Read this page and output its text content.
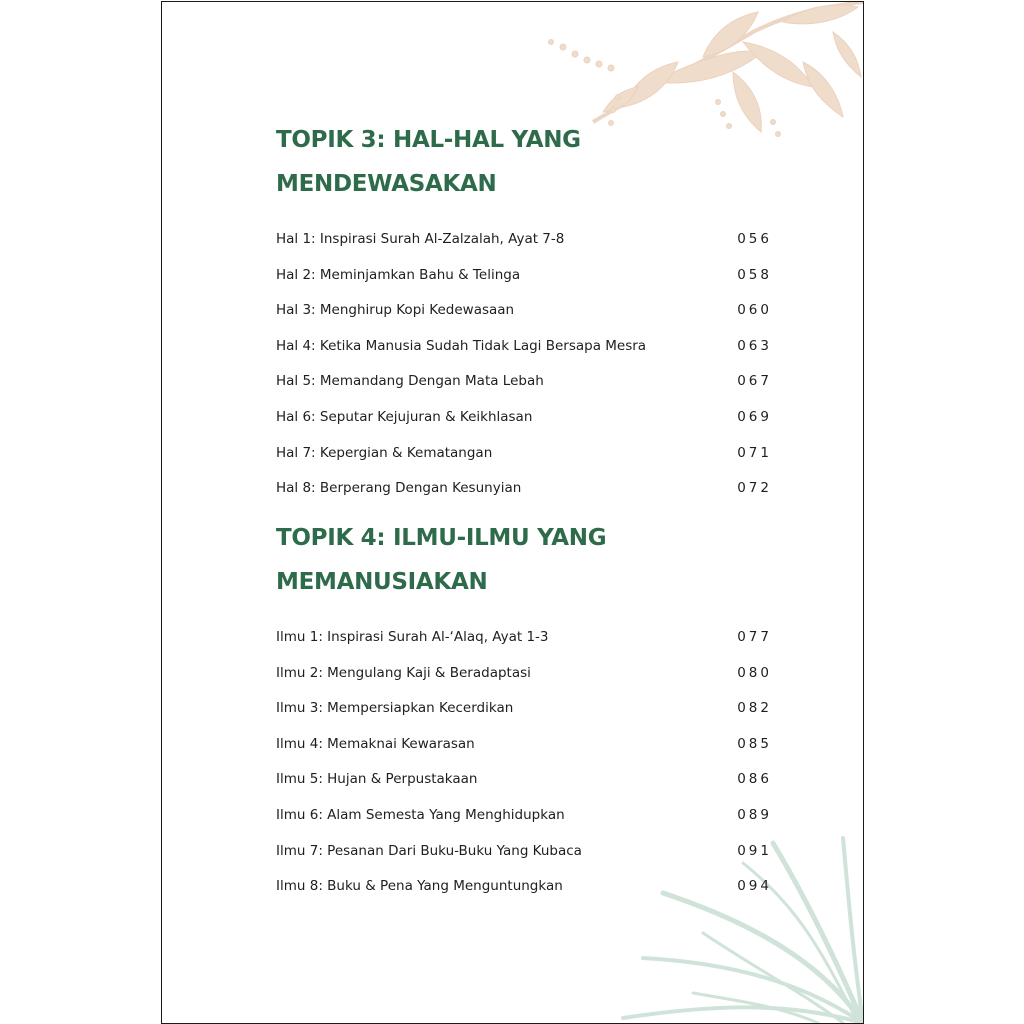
TOPIK 3: HAL-HAL YANG
MENDEWASAKAN
Hal 1: Inspirasi Surah Al-Zalzalah, Ayat 7-8	056
Hal 2: Meminjamkan Bahu & Telinga	058
Hal 3: Menghirup Kopi Kedewasaan	060
Hal 4: Ketika Manusia Sudah Tidak Lagi Bersapa Mesra	063
Hal 5: Memandang Dengan Mata Lebah	067
Hal 6: Seputar Kejujuran & Keikhlasan	069
Hal 7: Kepergian & Kematangan	071
Hal 8: Berperang Dengan Kesunyian	072
TOPIK 4: ILMU-ILMU YANG
MEMANUSIAKAN
Ilmu 1: Inspirasi Surah Al-‘Alaq, Ayat 1-3	077
Ilmu 2: Mengulang Kaji & Beradaptasi	080
Ilmu 3: Mempersiapkan Kecerdikan	082
Ilmu 4: Memaknai Kewarasan	085
Ilmu 5: Hujan & Perpustakaan	086
Ilmu 6: Alam Semesta Yang Menghidupkan	089
Ilmu 7: Pesanan Dari Buku-Buku Yang Kubaca	091
Ilmu 8: Buku & Pena Yang Menguntungkan	094
